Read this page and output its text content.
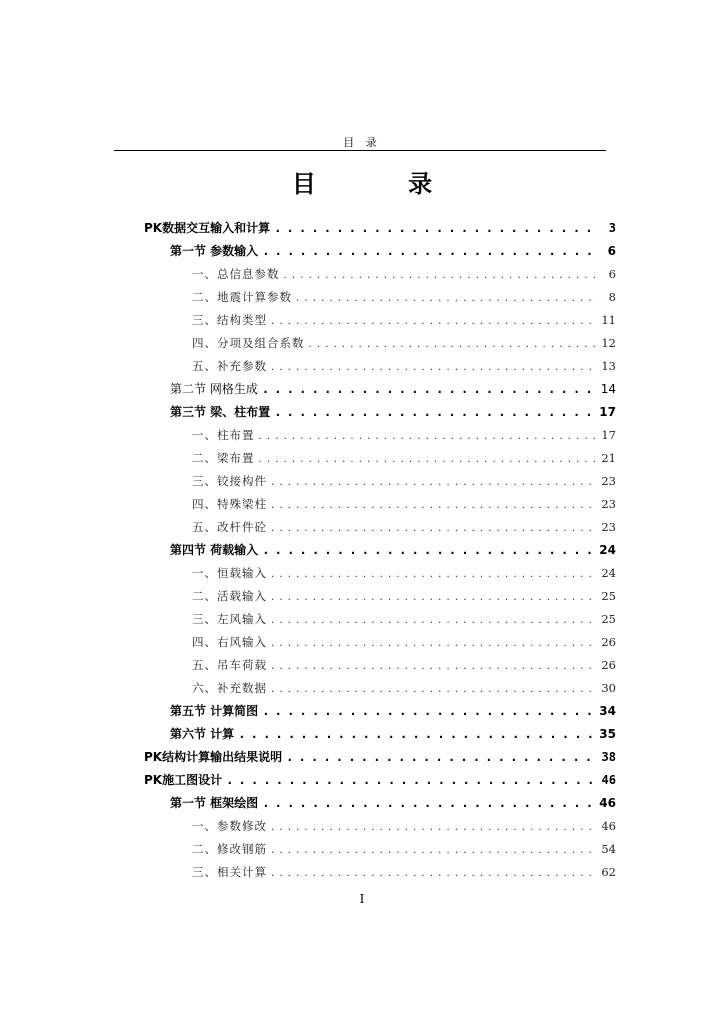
目 录
目 录
PK数据交互输入和计算 . . .	3
第一节 参数输入 . . .	6
一、总信息参数 . . .	6
二、地震计算参数 . . .	8
三、结构类型 . . .	11
四、分项及组合系数 . . .	12
五、补充参数 . . .	13
第二节 网格生成 . . .	14
第三节 梁、柱布置 . . .	17
一、柱布置 . . .	17
二、梁布置 . . .	21
三、铰接构件 . . .	23
四、特殊梁柱 . . .	23
五、改杆件砼 . . .	23
第四节 荷载输入 . . .	24
一、恒载输入 . . .	24
二、活载输入 . . .	25
三、左风输入 . . .	25
四、右风输入 . . .	26
五、吊车荷载 . . .	26
六、补充数据 . . .	30
第五节 计算简图 . . .	34
第六节 计算 . . .	35
PK结构计算输出结果说明 . . .	38
PK施工图设计 . . .	46
第一节 框架绘图 . . .	46
一、参数修改 . . .	46
二、修改钢筋 . . .	54
三、相关计算 . . .	62
I
